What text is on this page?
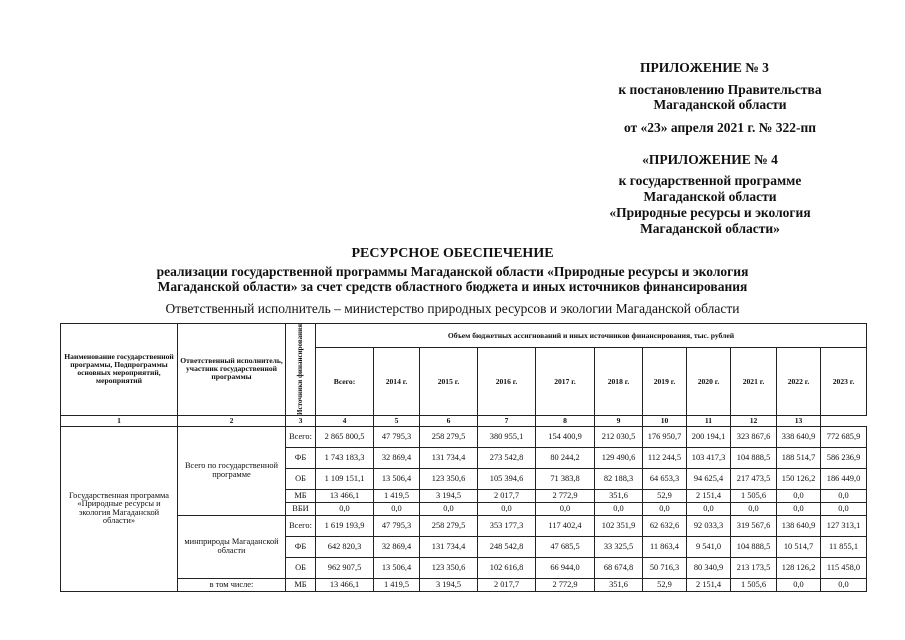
ПРИЛОЖЕНИЕ № 3
к постановлению Правительства
Магаданской области
от «23» апреля 2021 г. № 322-пп
«ПРИЛОЖЕНИЕ № 4
к государственной программе
Магаданской области
«Природные ресурсы и экология
Магаданской области»
РЕСУРСНОЕ ОБЕСПЕЧЕНИЕ
реализации государственной программы Магаданской области «Природные ресурсы и экология
Магаданской области» за счет средств областного бюджета и иных источников финансирования
Ответственный исполнитель – министерство природных ресурсов и экологии Магаданской области
Наименование государственной программы, Подпрограммы основных мероприятий, мероприятий	Ответственный исполнитель, участник государственной программы	Источники финансирования	Объем бюджетных ассигнований и иных источников финансирования, тыс. рублей										
			Всего:	2014 г.	2015 г.	2016 г.	2017 г.	2018 г.	2019 г.	2020 г.	2021 г.	2022 г.	2023 г.
1	2	3	4	5	6	7	8	9	10	11	12	13	
Государственная программа «Природные ресурсы и экология Магаданской области»	Всего по государственной программе	Всего:	2 865 800,5	47 795,3	258 279,5	380 955,1	154 400,9	212 030,5	176 950,7	200 194,1	323 867,6	338 640,9	772 685,9
		ФБ	1 743 183,3	32 869,4	131 734,4	273 542,8	80 244,2	129 490,6	112 244,5	103 417,3	104 888,5	188 514,7	586 236,9
		ОБ	1 109 151,1	13 506,4	123 350,6	105 394,6	71 383,8	82 188,3	64 653,3	94 625,4	217 473,5	150 126,2	186 449,0
		МБ	13 466,1	1 419,5	3 194,5	2 017,7	2 772,9	351,6	52,9	2 151,4	1 505,6	0,0	0,0
		ВБИ	0,0	0,0	0,0	0,0	0,0	0,0	0,0	0,0	0,0	0,0	0,0
	минприроды Магаданской области	Всего:	1 619 193,9	47 795,3	258 279,5	353 177,3	117 402,4	102 351,9	62 632,6	92 033,3	319 567,6	138 640,9	127 313,1
		ФБ	642 820,3	32 869,4	131 734,4	248 542,8	47 685,5	33 325,5	11 863,4	9 541,0	104 888,5	10 514,7	11 855,1
		ОБ	962 907,5	13 506,4	123 350,6	102 616,8	66 944,0	68 674,8	50 716,3	80 340,9	213 173,5	128 126,2	115 458,0
	в том числе:	МБ	13 466,1	1 419,5	3 194,5	2 017,7	2 772,9	351,6	52,9	2 151,4	1 505,6	0,0	0,0
